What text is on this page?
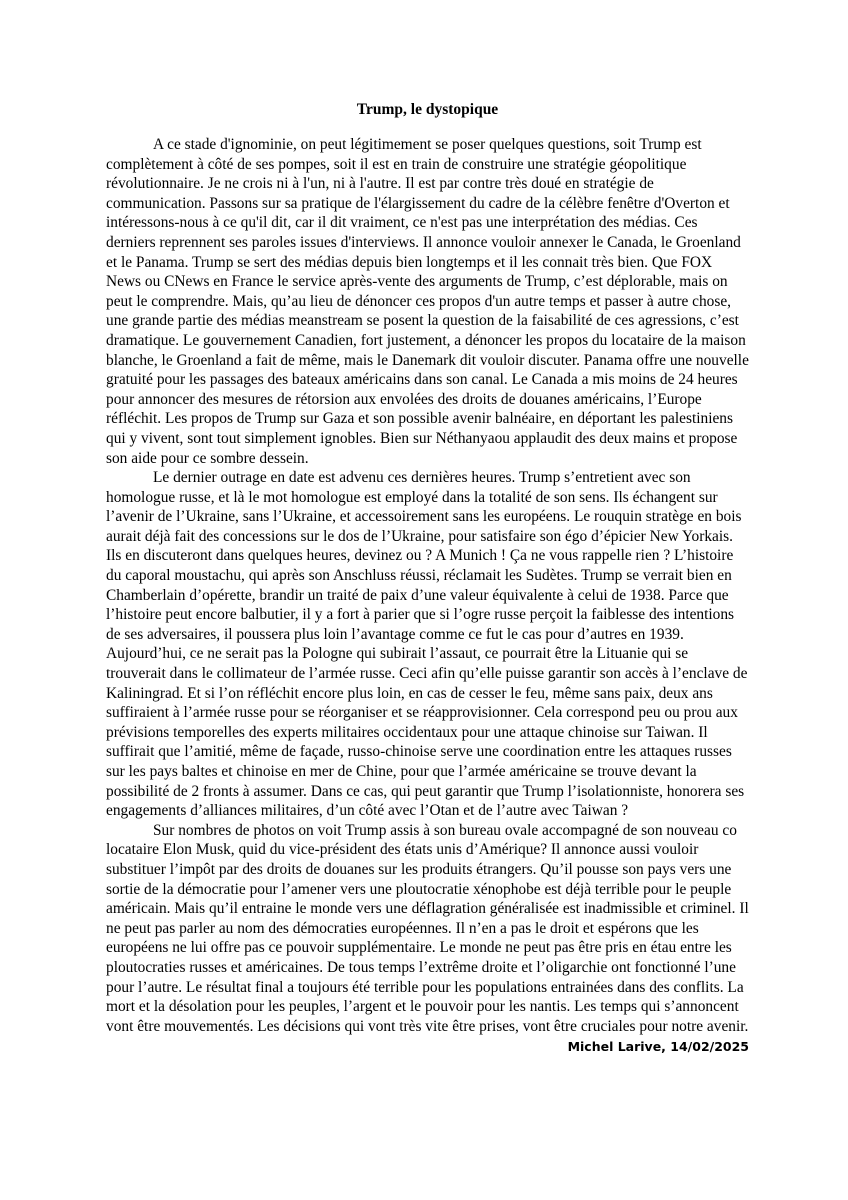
Trump, le dystopique

A ce stade d'ignominie, on peut légitimement se poser quelques questions, soit Trump est complètement à côté de ses pompes, soit il est en train de construire une stratégie géopolitique révolutionnaire. Je ne crois ni à l'un, ni à l'autre. Il est par contre très doué en stratégie de communication. Passons sur sa pratique de l'élargissement du cadre de la célèbre fenêtre d'Overton et intéressons-nous à ce qu'il dit, car il dit vraiment, ce n'est pas une interprétation des médias. Ces derniers reprennent ses paroles issues d'interviews. Il annonce vouloir annexer le Canada, le Groenland et le Panama. Trump se sert des médias depuis bien longtemps et il les connait très bien. Que FOX News ou CNews en France le service après-vente des arguments de Trump, c’est déplorable, mais on peut le comprendre. Mais, qu’au lieu de dénoncer ces propos d'un autre temps et passer à autre chose, une grande partie des médias meanstream se posent la question de la faisabilité de ces agressions, c’est dramatique. Le gouvernement Canadien, fort justement, a dénoncer les propos du locataire de la maison blanche, le Groenland a fait de même, mais le Danemark dit vouloir discuter. Panama offre une nouvelle gratuité pour les passages des bateaux américains dans son canal. Le Canada a mis moins de 24 heures pour annoncer des mesures de rétorsion aux envolées des droits de douanes américains, l’Europe réfléchit. Les propos de Trump sur Gaza et son possible avenir balnéaire, en déportant les palestiniens qui y vivent, sont tout simplement ignobles. Bien sur Néthanyaou applaudit des deux mains et propose son aide pour ce sombre dessein.

Le dernier outrage en date est advenu ces dernières heures. Trump s’entretient avec son homologue russe, et là le mot homologue est employé dans la totalité de son sens. Ils échangent sur l’avenir de l’Ukraine, sans l’Ukraine, et accessoirement sans les européens. Le rouquin stratège en bois aurait déjà fait des concessions sur le dos de l’Ukraine, pour satisfaire son égo d’épicier New Yorkais. Ils en discuteront dans quelques heures, devinez ou ? A Munich ! Ça ne vous rappelle rien ? L’histoire du caporal moustachu, qui après son Anschluss réussi, réclamait les Sudètes. Trump se verrait bien en Chamberlain d’opérette, brandir un traité de paix d’une valeur équivalente à celui de 1938. Parce que l’histoire peut encore balbutier, il y a fort à parier que si l’ogre russe perçoit la faiblesse des intentions de ses adversaires, il poussera plus loin l’avantage comme ce fut le cas pour d’autres en 1939. Aujourd’hui, ce ne serait pas la Pologne qui subirait l’assaut, ce pourrait être la Lituanie qui se trouverait dans le collimateur de l’armée russe. Ceci afin qu’elle puisse garantir son accès à l’enclave de Kaliningrad. Et si l’on réfléchit encore plus loin, en cas de cesser le feu, même sans paix, deux ans suffiraient à l’armée russe pour se réorganiser et se réapprovisionner. Cela correspond peu ou prou aux prévisions temporelles des experts militaires occidentaux pour une attaque chinoise sur Taiwan. Il suffirait que l’amitié, même de façade, russo-chinoise serve une coordination entre les attaques russes sur les pays baltes et chinoise en mer de Chine, pour que l’armée américaine se trouve devant la possibilité de 2 fronts à assumer. Dans ce cas, qui peut garantir que Trump l’isolationniste, honorera ses engagements d’alliances militaires, d’un côté avec l’Otan et de l’autre avec Taiwan ?

Sur nombres de photos on voit Trump assis à son bureau ovale accompagné de son nouveau co locataire Elon Musk, quid du vice-président des états unis d’Amérique? Il annonce aussi vouloir substituer l’impôt par des droits de douanes sur les produits étrangers. Qu’il pousse son pays vers une sortie de la démocratie pour l’amener vers une ploutocratie xénophobe est déjà terrible pour le peuple américain. Mais qu’il entraine le monde vers une déflagration généralisée est inadmissible et criminel. Il ne peut pas parler au nom des démocraties européennes. Il n’en a pas le droit et espérons que les européens ne lui offre pas ce pouvoir supplémentaire. Le monde ne peut pas être pris en étau entre les ploutocraties russes et américaines. De tous temps l’extrême droite et l’oligarchie ont fonctionné l’une pour l’autre. Le résultat final a toujours été terrible pour les populations entrainées dans des conflits. La mort et la désolation pour les peuples, l’argent et le pouvoir pour les nantis. Les temps qui s’annoncent vont être mouvementés. Les décisions qui vont très vite être prises, vont être cruciales pour notre avenir.

Michel Larive, 14/02/2025
